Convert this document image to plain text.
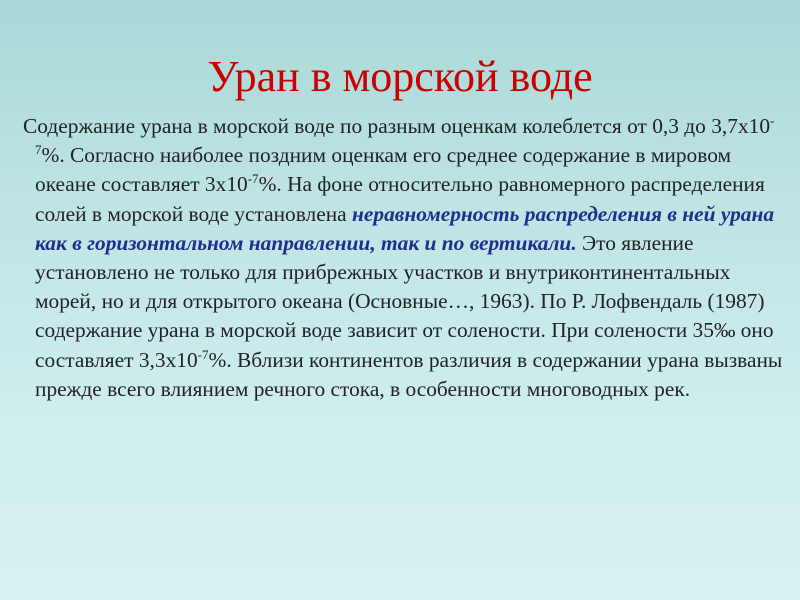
Уран в морской воде

Содержание урана в морской воде по разным оценкам колеблется от 0,3 до $3,7х10^{-7}\%$. Согласно наиболее поздним оценкам его среднее содержание в мировом океане составляет $3х10^{-7}\%$. На фоне относительно равномерного распределения солей в морской воде установлена неравномерность распределения в ней урана как в горизонтальном направлении, так и по вертикали. Это явление установлено не только для прибрежных участков и внутриконтинентальных морей, но и для открытого океана (Основные…, 1963). По Р. Лофвендаль (1987) содержание урана в морской воде зависит от солености. При солености 35‰ оно составляет $3,3х10^{-7}\%$. Вблизи континентов различия в содержании урана вызваны прежде всего влиянием речного стока, в особенности многоводных рек.
